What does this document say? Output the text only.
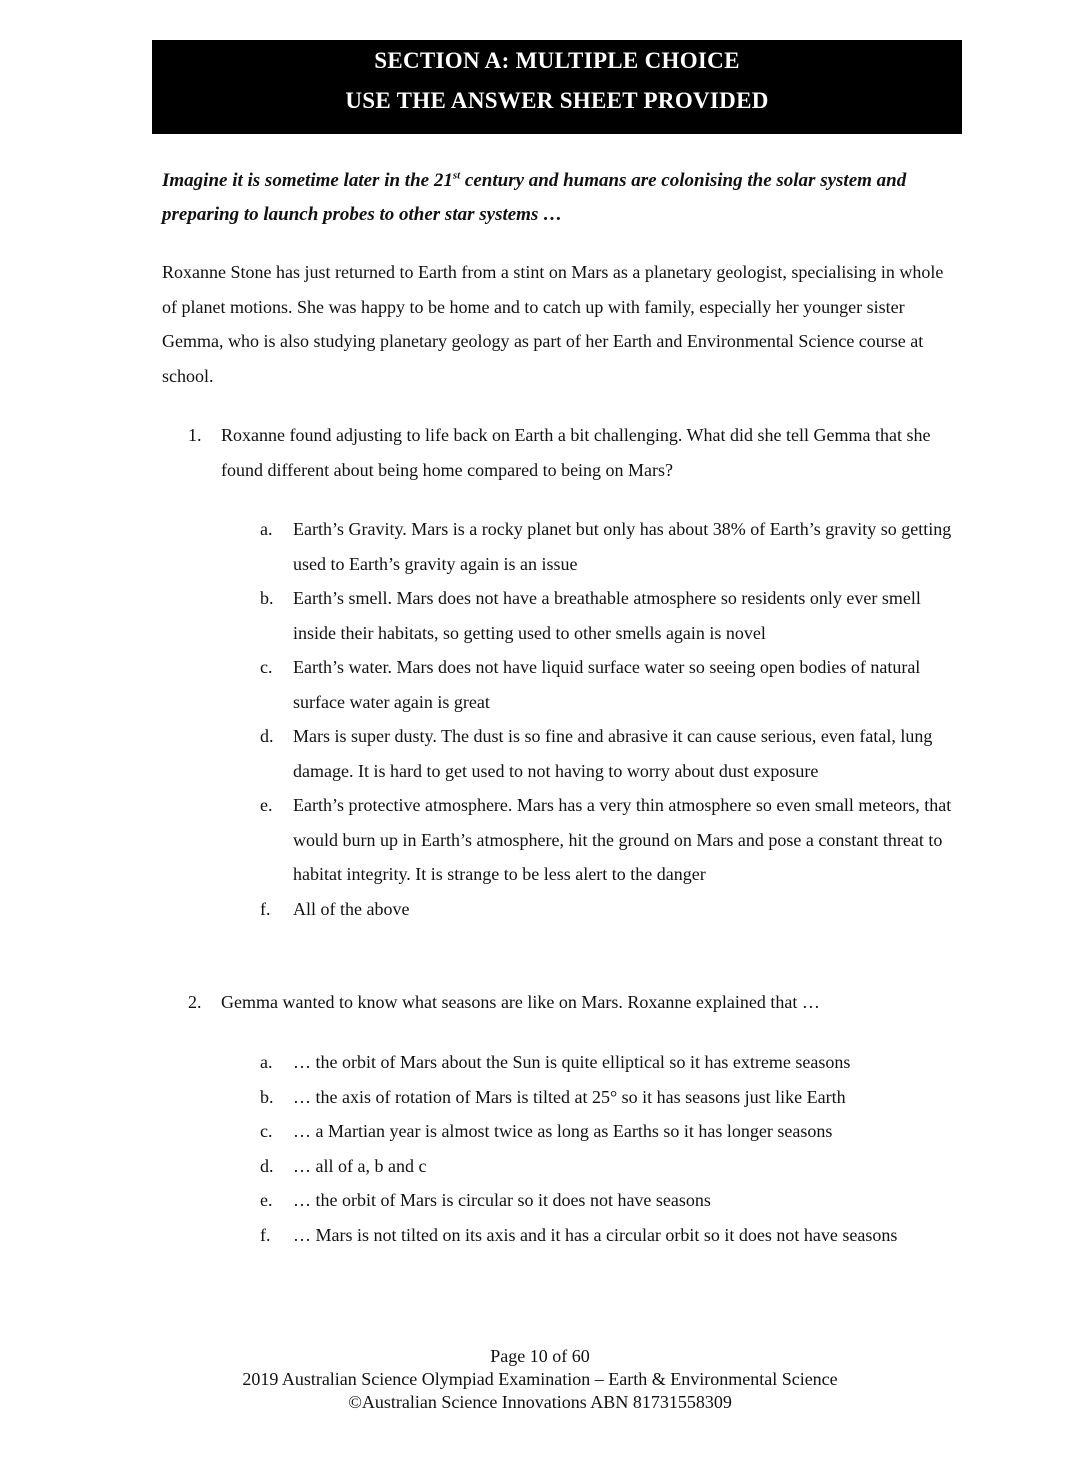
SECTION A: MULTIPLE CHOICE
USE THE ANSWER SHEET PROVIDED
Imagine it is sometime later in the 21st century and humans are colonising the solar system and preparing to launch probes to other star systems …
Roxanne Stone has just returned to Earth from a stint on Mars as a planetary geologist, specialising in whole of planet motions. She was happy to be home and to catch up with family, especially her younger sister Gemma, who is also studying planetary geology as part of her Earth and Environmental Science course at school.
1. Roxanne found adjusting to life back on Earth a bit challenging. What did she tell Gemma that she found different about being home compared to being on Mars?
a. Earth’s Gravity. Mars is a rocky planet but only has about 38% of Earth’s gravity so getting used to Earth’s gravity again is an issue
b. Earth’s smell. Mars does not have a breathable atmosphere so residents only ever smell inside their habitats, so getting used to other smells again is novel
c. Earth’s water. Mars does not have liquid surface water so seeing open bodies of natural surface water again is great
d. Mars is super dusty. The dust is so fine and abrasive it can cause serious, even fatal, lung damage. It is hard to get used to not having to worry about dust exposure
e. Earth’s protective atmosphere. Mars has a very thin atmosphere so even small meteors, that would burn up in Earth’s atmosphere, hit the ground on Mars and pose a constant threat to habitat integrity. It is strange to be less alert to the danger
f. All of the above
2. Gemma wanted to know what seasons are like on Mars. Roxanne explained that …
a. … the orbit of Mars about the Sun is quite elliptical so it has extreme seasons
b. … the axis of rotation of Mars is tilted at 25° so it has seasons just like Earth
c. … a Martian year is almost twice as long as Earths so it has longer seasons
d. … all of a, b and c
e. … the orbit of Mars is circular so it does not have seasons
f. … Mars is not tilted on its axis and it has a circular orbit so it does not have seasons
Page 10 of 60
2019 Australian Science Olympiad Examination – Earth & Environmental Science
©Australian Science Innovations ABN 81731558309
